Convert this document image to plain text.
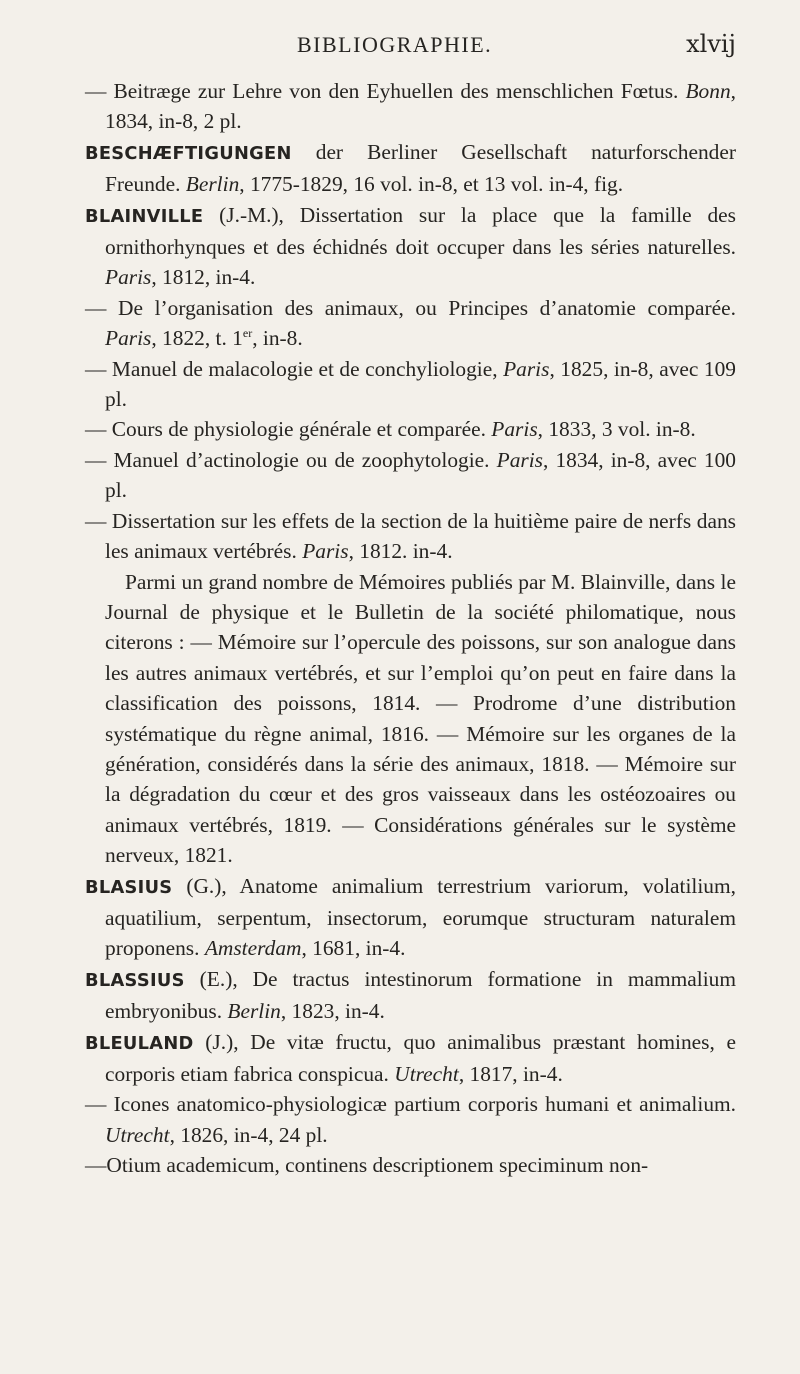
BIBLIOGRAPHIE.	xlvij

— Beitræge zur Lehre von den Eyhuellen des menschlichen Fœtus. Bonn, 1834, in-8, 2 pl.

BESCHÆFTIGUNGEN der Berliner Gesellschaft naturforschender Freunde. Berlin, 1775-1829, 16 vol. in-8, et 13 vol. in-4, fig.

BLAINVILLE (J.-M.), Dissertation sur la place que la famille des ornithorhynques et des échidnés doit occuper dans les séries naturelles. Paris, 1812, in-4.

— De l’organisation des animaux, ou Principes d’anatomie comparée. Paris, 1822, t. 1er, in-8.

— Manuel de malacologie et de conchyliologie, Paris, 1825, in-8, avec 109 pl.

— Cours de physiologie générale et comparée. Paris, 1833, 3 vol. in-8.

— Manuel d’actinologie ou de zoophytologie. Paris, 1834, in-8, avec 100 pl.

— Dissertation sur les effets de la section de la huitième paire de nerfs dans les animaux vertébrés. Paris, 1812. in-4.

Parmi un grand nombre de Mémoires publiés par M. Blainville, dans le Journal de physique et le Bulletin de la société philomatique, nous citerons : — Mémoire sur l’opercule des poissons, sur son analogue dans les autres animaux vertébrés, et sur l’emploi qu’on peut en faire dans la classification des poissons, 1814. — Prodrome d’une distribution systématique du règne animal, 1816. — Mémoire sur les organes de la génération, considérés dans la série des animaux, 1818. — Mémoire sur la dégradation du cœur et des gros vaisseaux dans les ostéozoaires ou animaux vertébrés, 1819. — Considérations générales sur le système nerveux, 1821.

BLASIUS (G.), Anatome animalium terrestrium variorum, volatilium, aquatilium, serpentum, insectorum, eorumque structuram naturalem proponens. Amsterdam, 1681, in-4.

BLASSIUS (E.), De tractus intestinorum formatione in mammalium embryonibus. Berlin, 1823, in-4.

BLEULAND (J.), De vitæ fructu, quo animalibus præstant homines, e corporis etiam fabrica conspicua. Utrecht, 1817, in-4.

— Icones anatomico-physiologicæ partium corporis humani et animalium. Utrecht, 1826, in-4, 24 pl.

—Otium academicum, continens descriptionem speciminum non-
